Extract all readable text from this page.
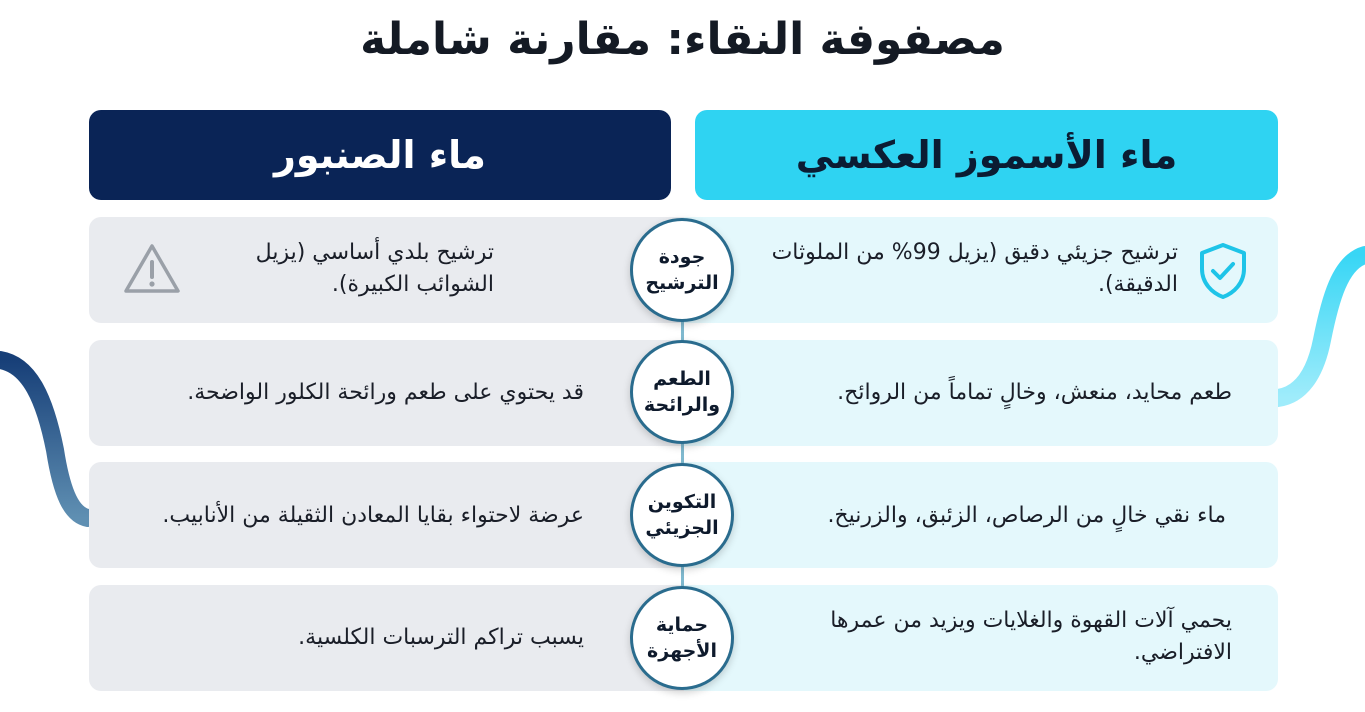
مصفوفة النقاء: مقارنة شاملة
ماء الأسموز العكسي
ماء الصنبور
ترشيح جزيئي دقيق (يزيل 99% من الملوثات الدقيقة).
ترشيح بلدي أساسي (يزيل الشوائب الكبيرة).
طعم محايد، منعش، وخالٍ تماماً من الروائح.
قد يحتوي على طعم ورائحة الكلور الواضحة.
ماء نقي خالٍ من الرصاص، الزئبق، والزرنيخ.
عرضة لاحتواء بقايا المعادن الثقيلة من الأنابيب.
يحمي آلات القهوة والغلايات ويزيد من عمرها الافتراضي.
يسبب تراكم الترسبات الكلسية.
جودة الترشيح
الطعم والرائحة
التكوين الجزيئي
حماية الأجهزة
